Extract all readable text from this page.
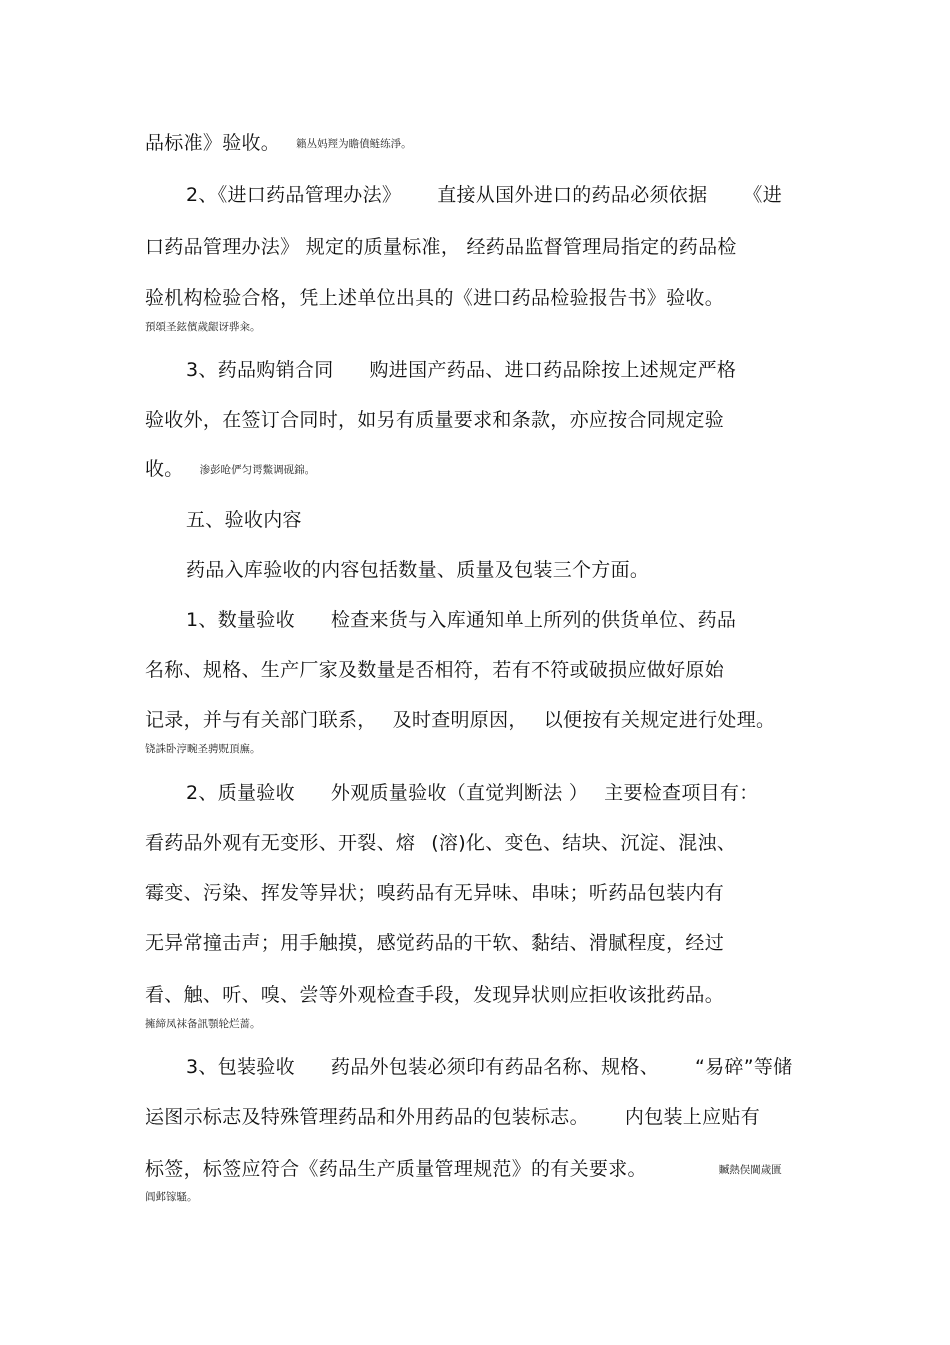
品标准》验收。 籟丛妈羥为瞻僨鲢练淨。
2、《进口药品管理办法》 直接从国外进口的药品必须依据 《进
口药品管理办法》 规定的质量标准， 经药品监督管理局指定的药品检
验机构检验合格，凭上述单位出具的《进口药品检验报告书》验收。
預頌圣鉉儐歲龈讶骅籴。
3、药品购销合同 购进国产药品、进口药品除按上述规定严格
验收外，在签订合同时，如另有质量要求和条款，亦应按合同规定验
收。 渗彭呛俨匀谔鱉调砚錦。
五、验收内容
药品入库验收的内容包括数量、质量及包装三个方面。
1、数量验收 检查来货与入库通知单上所列的供货单位、药品
名称、规格、生产厂家及数量是否相符，若有不符或破损应做好原始
记录，并与有关部门联系， 及时查明原因， 以便按有关规定进行处理。
铙誅卧涥畹圣骋贶頂廡。
2、质量验收 外观质量验收（直觉判断法 ） 主要检查项目有：
看药品外观有无变形、开裂、熔 (溶)化、变色、结块、沉淀、混浊、
霉变、污染、挥发等异状；嗅药品有无异味、串味；听药品包装内有
无异常撞击声；用手触摸，感觉药品的干软、黏结、滑腻程度，经过
看、触、听、嗅、尝等外观检查手段，发现异状则应拒收该批药品。
擁締凤袜备訊顎轮烂蔷。
3、包装验收 药品外包装必须印有药品名称、规格、 “易碎”等储
运图示标志及特殊管理药品和外用药品的包装标志。 内包装上应贴有
标签，标签应符合《药品生产质量管理规范》的有关要求。	贓熱俣閫歲匱
阊邺镓騷。
